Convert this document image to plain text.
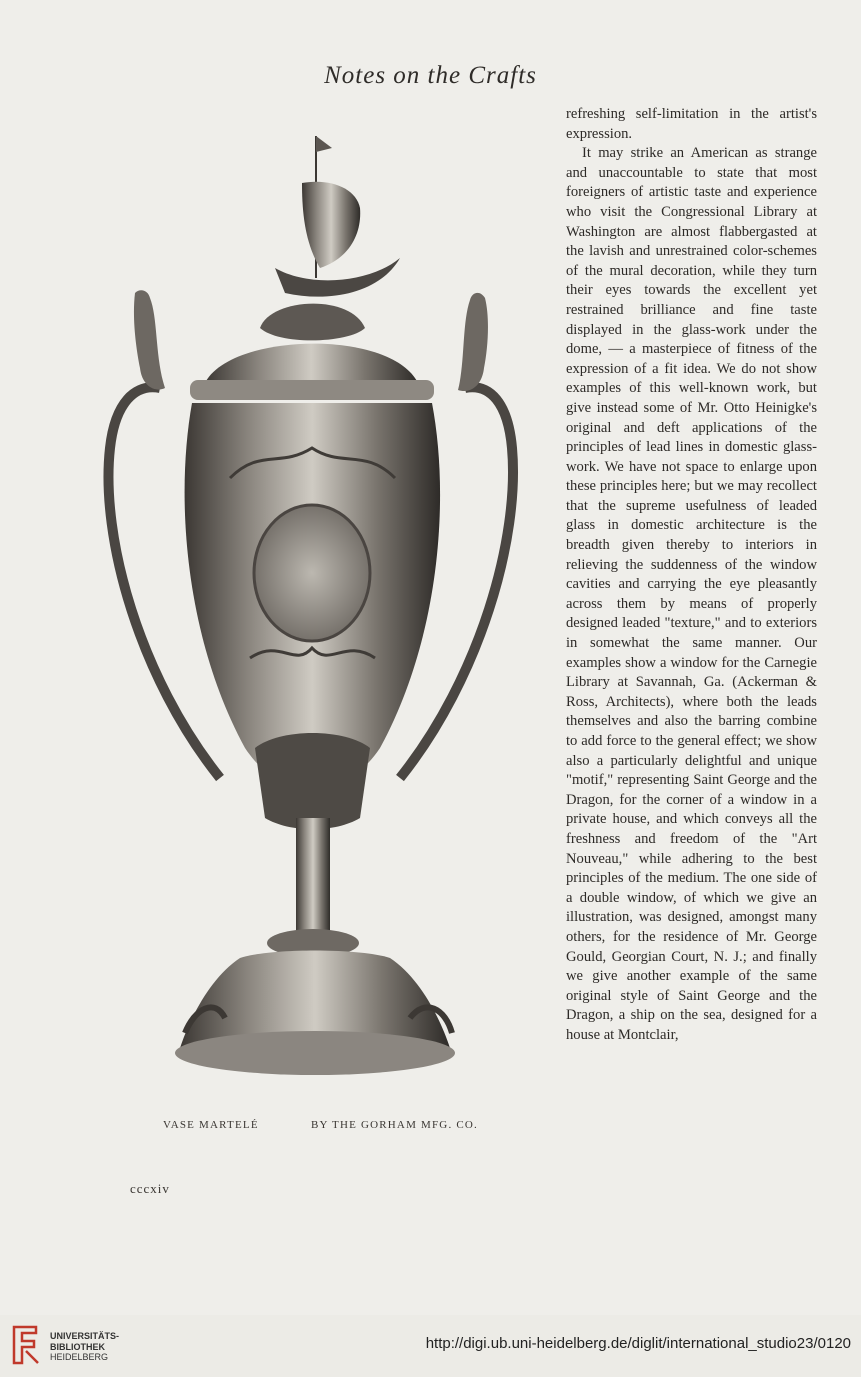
Notes on the Crafts
VASE MARTELÉ	BY THE GORHAM MFG. CO.
cccxiv

refreshing self-limitation in the artist's expression.

It may strike an American as strange and unaccountable to state that most foreigners of artistic taste and experience who visit the Congressional Library at Washington are almost flabbergasted at the lavish and unrestrained color-schemes of the mural decoration, while they turn their eyes towards the excellent yet restrained brilliance and fine taste displayed in the glass-work under the dome, — a masterpiece of fitness of the expression of a fit idea. We do not show examples of this well-known work, but give instead some of Mr. Otto Heinigke's original and deft applications of the principles of lead lines in domestic glass-work. We have not space to enlarge upon these principles here; but we may recollect that the supreme usefulness of leaded glass in domestic architecture is the breadth given thereby to interiors in relieving the suddenness of the window cavities and carrying the eye pleasantly across them by means of properly designed leaded "texture," and to exteriors in somewhat the same manner. Our examples show a window for the Carnegie Library at Savannah, Ga. (Ackerman & Ross, Architects), where both the leads themselves and also the barring combine to add force to the general effect; we show also a particularly delightful and unique "motif," representing Saint George and the Dragon, for the corner of a window in a private house, and which conveys all the freshness and freedom of the "Art Nouveau," while adhering to the best principles of the medium. The one side of a double window, of which we give an illustration, was designed, amongst many others, for the residence of Mr. George Gould, Georgian Court, N. J.; and finally we give another example of the same original style of Saint George and the Dragon, a ship on the sea, designed for a house at Montclair,

UNIVERSITÄTS-
BIBLIOTHEK
HEIDELBERG
http://digi.ub.uni-heidelberg.de/diglit/international_studio23/0120
